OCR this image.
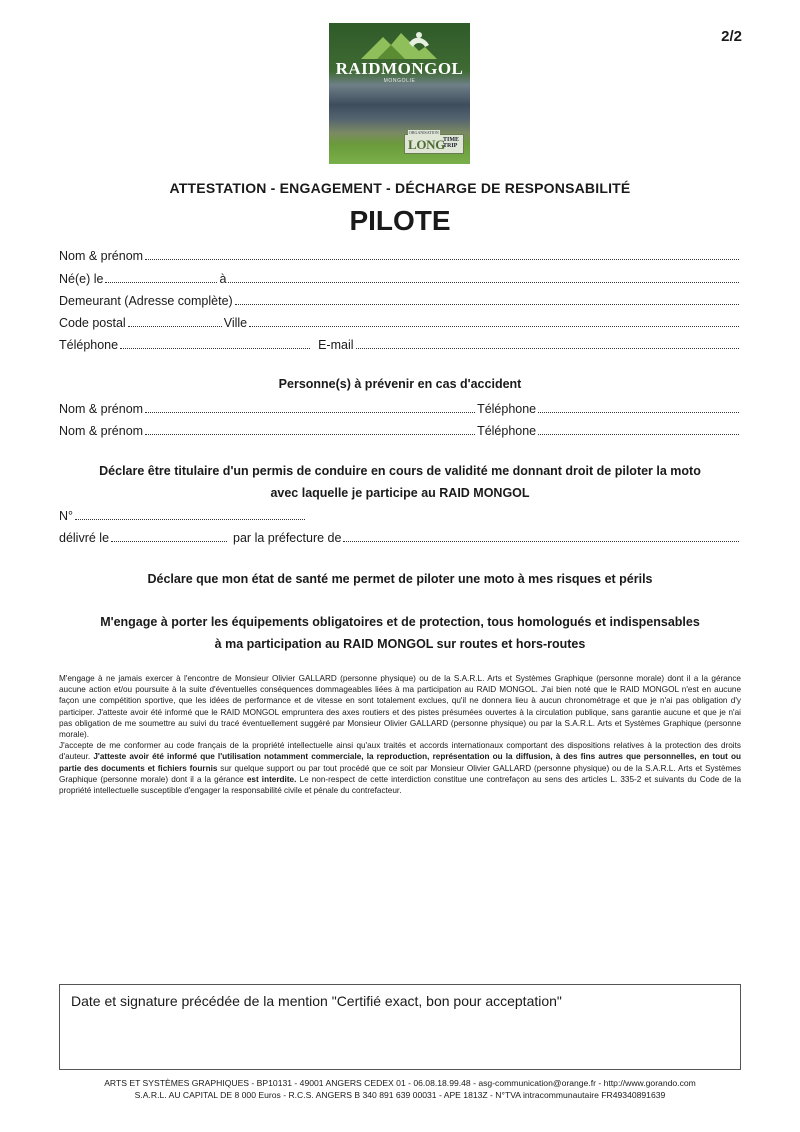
2/2
RAIDMONGOL
MONGOLIE
ORGANISATION
LONG
TIME
TRIP
ATTESTATION - ENGAGEMENT - DÉCHARGE DE RESPONSABILITÉ
PILOTE
Nom & prénom
Né(e) le	à
Demeurant (Adresse complète)
Code postal	Ville
Téléphone	E-mail
Personne(s) à prévenir en cas d'accident
Nom & prénom	Téléphone
Nom & prénom	Téléphone
Déclare être titulaire d'un permis de conduire en cours de validité me donnant droit de piloter la moto
avec laquelle je participe au RAID MONGOL
N°
délivré le	par la préfecture de
Déclare que mon état de santé me permet de piloter une moto à mes risques et périls
M'engage à porter les équipements obligatoires et de protection, tous homologués et indispensables
à ma participation au RAID MONGOL sur routes et hors-routes

M'engage à ne jamais exercer à l'encontre de Monsieur Olivier GALLARD (personne physique) ou de la S.A.R.L. Arts et Systèmes Graphique (personne morale) dont il a la gérance aucune action et/ou poursuite à la suite d'éventuelles conséquences dommageables liées à ma participation au RAID MONGOL. J'ai bien noté que le RAID MONGOL n'est en aucune façon une compétition sportive, que les idées de performance et de vitesse en sont totalement exclues, qu'il ne donnera lieu à aucun chronométrage et que je n'ai pas obligation d'y participer. J'atteste avoir été informé que le RAID MONGOL empruntera des axes routiers et des pistes présumées ouvertes à la circulation publique, sans garantie aucune et que je n'ai pas obligation de me soumettre au suivi du tracé éventuellement suggéré par Monsieur Olivier GALLARD (personne physique) ou par la S.A.R.L. Arts et Systèmes Graphique (personne morale).

J'accepte de me conformer au code français de la propriété intellectuelle ainsi qu'aux traités et accords internationaux comportant des dispositions relatives à la protection des droits d'auteur. J'atteste avoir été informé que l'utilisation notamment commerciale, la reproduction, représentation ou la diffusion, à des fins autres que personnelles, en tout ou partie des documents et fichiers fournis sur quelque support ou par tout procédé que ce soit par Monsieur Olivier GALLARD (personne physique) ou de la S.A.R.L. Arts et Systèmes Graphique (personne morale) dont il a la gérance est interdite. Le non-respect de cette interdiction constitue une contrefaçon au sens des articles L. 335-2 et suivants du Code de la propriété intellectuelle susceptible d'engager la responsabilité civile et pénale du contrefacteur.

Date et signature précédée de la mention "Certifié exact, bon pour acceptation"
ARTS ET SYSTÈMES GRAPHIQUES - BP10131 - 49001 ANGERS CEDEX 01 - 06.08.18.99.48 - asg-communication@orange.fr - http://www.gorando.com
S.A.R.L. AU CAPITAL DE 8 000 Euros - R.C.S. ANGERS B 340 891 639 00031 - APE 1813Z - N°TVA intracommunautaire FR49340891639
